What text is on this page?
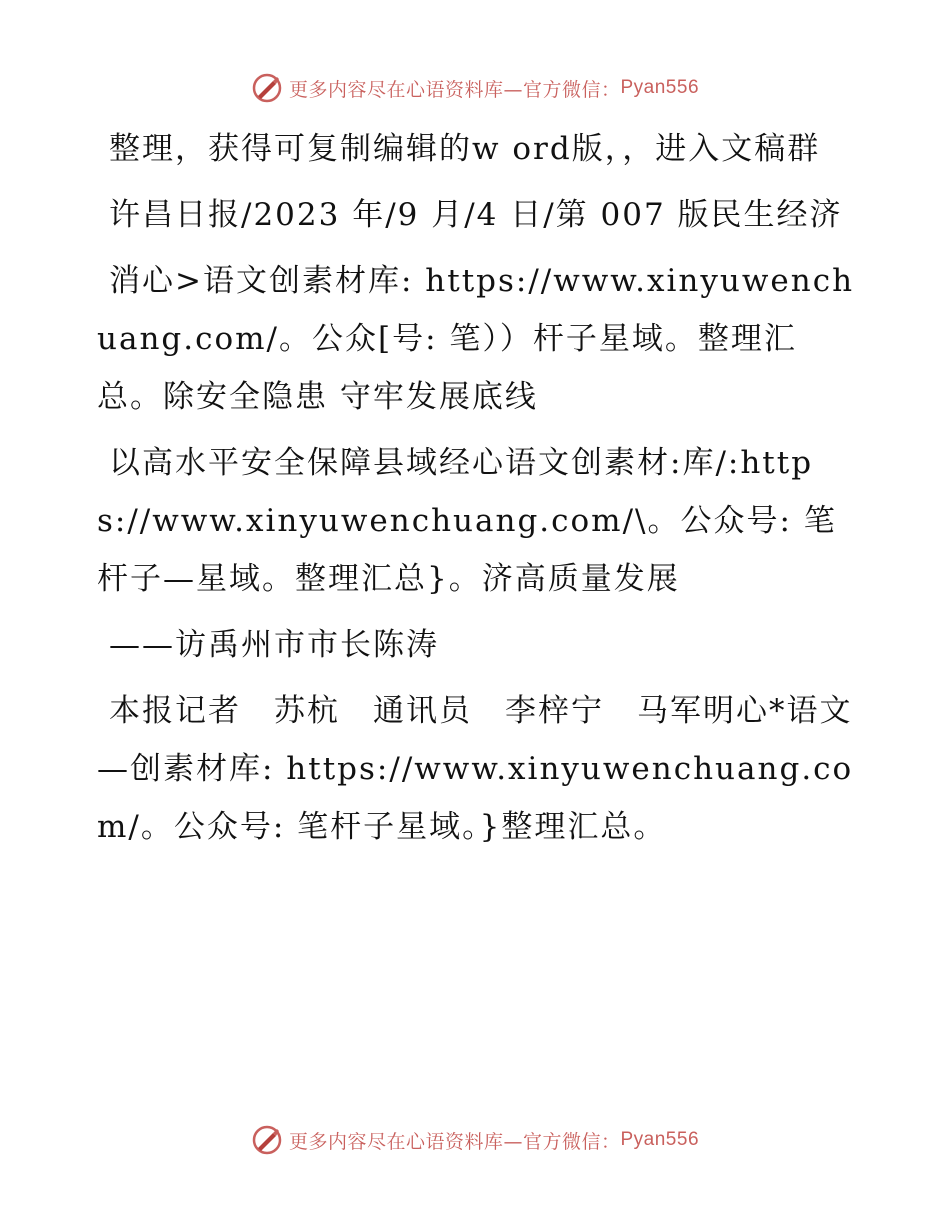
更多内容尽在心语资料库—官方微信： Pyan556

整理，获得可复制编辑的w ord版，，进入文稿群

许昌日报/2023 年/9 月/4 日/第 007 版民生经济

消心>语文创素材库: https://www.xinyuwenchuang.com/。公众[号: 笔））杆子星域。整理汇总。除安全隐患 守牢发展底线

以高水平安全保障县域经心语文创素材:库/:https://www.xinyuwenchuang.com/\。公众号: 笔杆子—星域。整理汇总}。济高质量发展

——访禹州市市长陈涛

本报记者　苏杭　通讯员　李梓宁　马军明心*语文—创素材库: https://www.xinyuwenchuang.com/。公众号: 笔杆子星域。}整理汇总。

更多内容尽在心语资料库—官方微信： Pyan556
